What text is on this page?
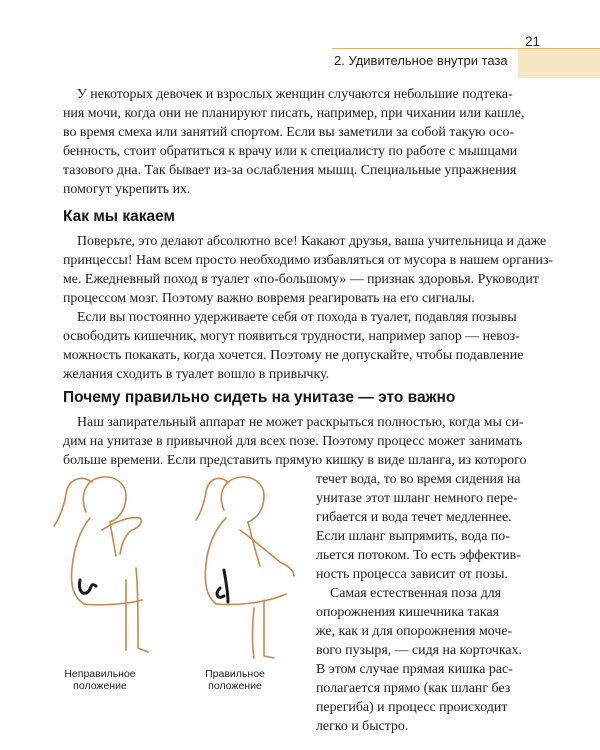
21
2. Удивительное внутри таза

У некоторых девочек и взрослых женщин случаются небольшие подтека-
ния мочи, когда они не планируют писать, например, при чихании или кашле,
во время смеха или занятий спортом. Если вы заметили за собой такую осо-
бенность, стоит обратиться к врачу или к специалисту по работе с мышцами
тазового дна. Так бывает из-за ослабления мышц. Специальные упражнения
помогут укрепить их.

Как мы какаем

Поверьте, это делают абсолютно все! Какают друзья, ваша учительница и даже
принцессы! Нам всем просто необходимо избавляться от мусора в нашем организ-
ме. Ежедневный поход в туалет «по-большому» — признак здоровья. Руководит
процессом мозг. Поэтому важно вовремя реагировать на его сигналы.

Если вы постоянно удерживаете себя от похода в туалет, подавляя позывы
освободить кишечник, могут появиться трудности, например запор — невоз-
можность покакать, когда хочется. Поэтому не допускайте, чтобы подавление
желания сходить в туалет вошло в привычку.

Почему правильно сидеть на унитазе — это важно

Наш запирательный аппарат не может раскрыться полностью, когда мы си-
дим на унитазе в привычной для всех позе. Поэтому процесс может занимать
больше времени. Если представить прямую кишку в виде шланга, из которого

течет вода, то во время сидения на
унитазе этот шланг немного пере-
гибается и вода течет медленнее.
Если шланг выпрямить, вода по-
льется потоком. То есть эффектив-
ность процесса зависит от позы.

Самая естественная поза для
опорожнения кишечника такая
же, как и для опорожнения моче-
вого пузыря, — сидя на корточках.
В этом случае прямая кишка рас-
полагается прямо (как шланг без
перегиба) и процесс происходит
легко и быстро.

Неправильное
положение
Правильное
положение
